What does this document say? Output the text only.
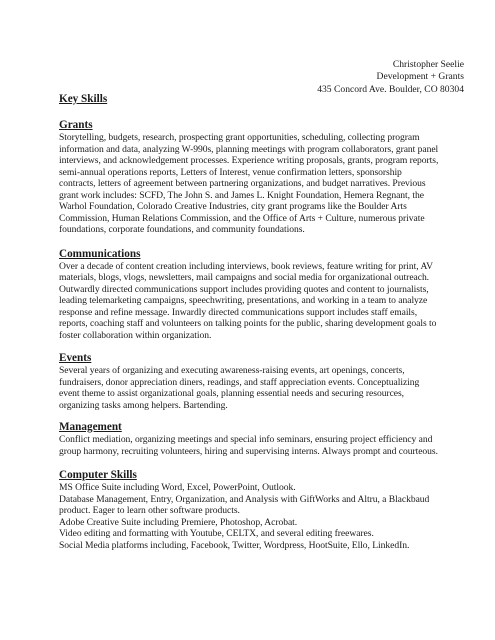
Christopher Seelie
Development + Grants
435 Concord Ave. Boulder, CO 80304
Key Skills
Grants

Storytelling, budgets, research, prospecting grant opportunities, scheduling, collecting program
information and data, analyzing W-990s, planning meetings with program collaborators, grant panel
interviews, and acknowledgement processes. Experience writing proposals, grants, program reports,
semi-annual operations reports, Letters of Interest, venue confirmation letters, sponsorship
contracts, letters of agreement between partnering organizations, and budget narratives. Previous
grant work includes: SCFD, The John S. and James L. Knight Foundation, Hemera Regnant, the
Warhol Foundation, Colorado Creative Industries, city grant programs like the Boulder Arts
Commission, Human Relations Commission, and the Office of Arts + Culture, numerous private
foundations, corporate foundations, and community foundations.

Communications

Over a decade of content creation including interviews, book reviews, feature writing for print, AV
materials, blogs, vlogs, newsletters, mail campaigns and social media for organizational outreach.
Outwardly directed communications support includes providing quotes and content to journalists,
leading telemarketing campaigns, speechwriting, presentations, and working in a team to analyze
response and refine message. Inwardly directed communications support includes staff emails,
reports, coaching staff and volunteers on talking points for the public, sharing development goals to
foster collaboration within organization.

Events

Several years of organizing and executing awareness-raising events, art openings, concerts,
fundraisers, donor appreciation diners, readings, and staff appreciation events. Conceptualizing
event theme to assist organizational goals, planning essential needs and securing resources,
organizing tasks among helpers. Bartending.

Management

Conflict mediation, organizing meetings and special info seminars, ensuring project efficiency and
group harmony, recruiting volunteers, hiring and supervising interns. Always prompt and courteous.

Computer Skills

MS Office Suite including Word, Excel, PowerPoint, Outlook.
Database Management, Entry, Organization, and Analysis with GiftWorks and Altru, a Blackbaud
product. Eager to learn other software products.
Adobe Creative Suite including Premiere, Photoshop, Acrobat.
Video editing and formatting with Youtube, CELTX, and several editing freewares.
Social Media platforms including, Facebook, Twitter, Wordpress, HootSuite, Ello, LinkedIn.
